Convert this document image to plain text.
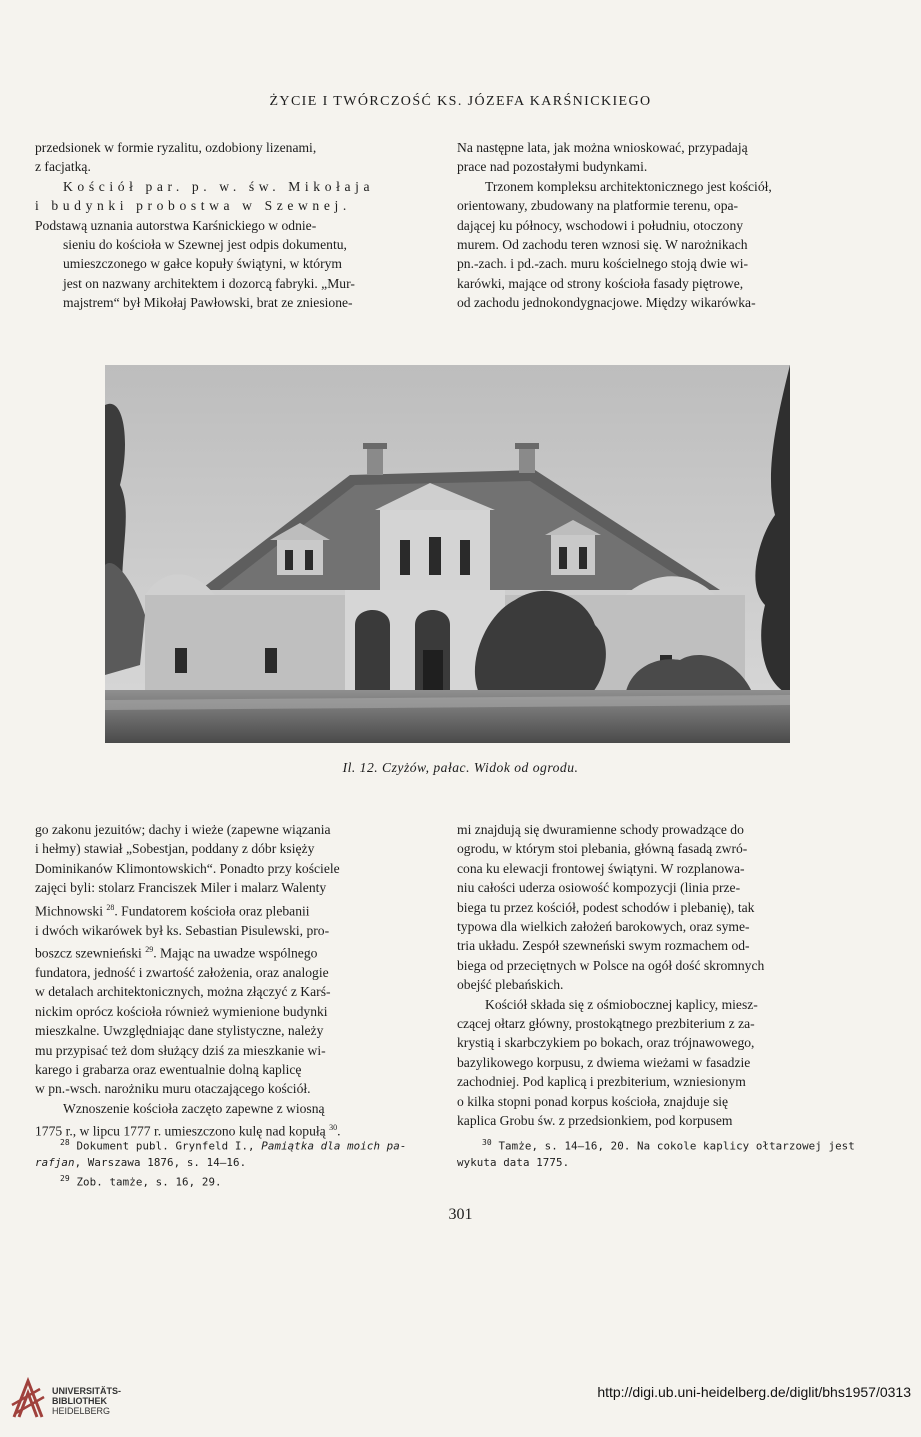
ŻYCIE I TWÓRCZOŚĆ KS. JÓZEFA KARŚNICKIEGO

przedsionek w formie ryzalitu, ozdobiony lizenami,
z facjatką.

Kościół par. p. w. św. Mikołaja
i budynki probostwa w Szewnej.
Podstawą uznania autorstwa Karśnickiego w odnie-
sieniu do kościoła w Szewnej jest odpis dokumentu,
umieszczonego w gałce kopuły świątyni, w którym
jest on nazwany architektem i dozorcą fabryki. „Mur-
majstrem“ był Mikołaj Pawłowski, brat ze zniesione-

Na następne lata, jak można wnioskować, przypadają
prace nad pozostałymi budynkami.

Trzonem kompleksu architektonicznego jest kościół,
orientowany, zbudowany na platformie terenu, opa-
dającej ku północy, wschodowi i południu, otoczony
murem. Od zachodu teren wznosi się. W narożnikach
pn.-zach. i pd.-zach. muru kościelnego stoją dwie wi-
karówki, mające od strony kościoła fasady piętrowe,
od zachodu jednokondygnacjowe. Między wikarówka-

Il. 12. Czyżów, pałac. Widok od ogrodu.

go zakonu jezuitów; dachy i wieże (zapewne wiązania
i hełmy) stawiał „Sobestjan, poddany z dóbr księży
Dominikanów Klimontowskich“. Ponadto przy kościele
zajęci byli: stolarz Franciszek Miler i malarz Walenty
Michnowski $^{28}$. Fundatorem kościoła oraz plebanii
i dwóch wikarówek był ks. Sebastian Pisulewski, pro-
boszcz szewnieński $^{29}$. Mając na uwadze wspólnego
fundatora, jedność i zwartość założenia, oraz analogie
w detalach architektonicznych, można złączyć z Karś-
nickim oprócz kościoła również wymienione budynki
mieszkalne. Uwzględniając dane stylistyczne, należy
mu przypisać też dom służący dziś za mieszkanie wi-
karego i grabarza oraz ewentualnie dolną kaplicę
w pn.-wsch. narożniku muru otaczającego kościół.

Wznoszenie kościoła zaczęto zapewne z wiosną
1775 r., w lipcu 1777 r. umieszczono kulę nad kopułą $^{30}$.

mi znajdują się dwuramienne schody prowadzące do
ogrodu, w którym stoi plebania, główną fasadą zwró-
cona ku elewacji frontowej świątyni. W rozplanowa-
niu całości uderza osiowość kompozycji (linia prze-
biega tu przez kościół, podest schodów i plebanię), tak
typowa dla wielkich założeń barokowych, oraz syme-
tria układu. Zespół szewneński swym rozmachem od-
biega od przeciętnych w Polsce na ogół dość skromnych
obejść plebańskich.

Kościół składa się z ośmiobocznej kaplicy, miesz-
czącej ołtarz główny, prostokątnego prezbiterium z za-
krystią i skarbczykiem po bokach, oraz trójnawowego,
bazylikowego korpusu, z dwiema wieżami w fasadzie
zachodniej. Pod kaplicą i prezbiterium, wzniesionym
o kilka stopni ponad korpus kościoła, znajduje się
kaplica Grobu św. z przedsionkiem, pod korpusem

$^{28}$ Dokument publ. Grynfeld I., Pamiątka dla moich pa-

rafjan, Warszawa 1876, s. 14—16.

$^{29}$ Zob. tamże, s. 16, 29.

$^{30}$ Tamże, s. 14—16, 20. Na cokole kaplicy ołtarzowej jest

wykuta data 1775.

301
UNIVERSITÄTS-
BIBLIOTHEK
HEIDELBERG
http://digi.ub.uni-heidelberg.de/diglit/bhs1957/0313
